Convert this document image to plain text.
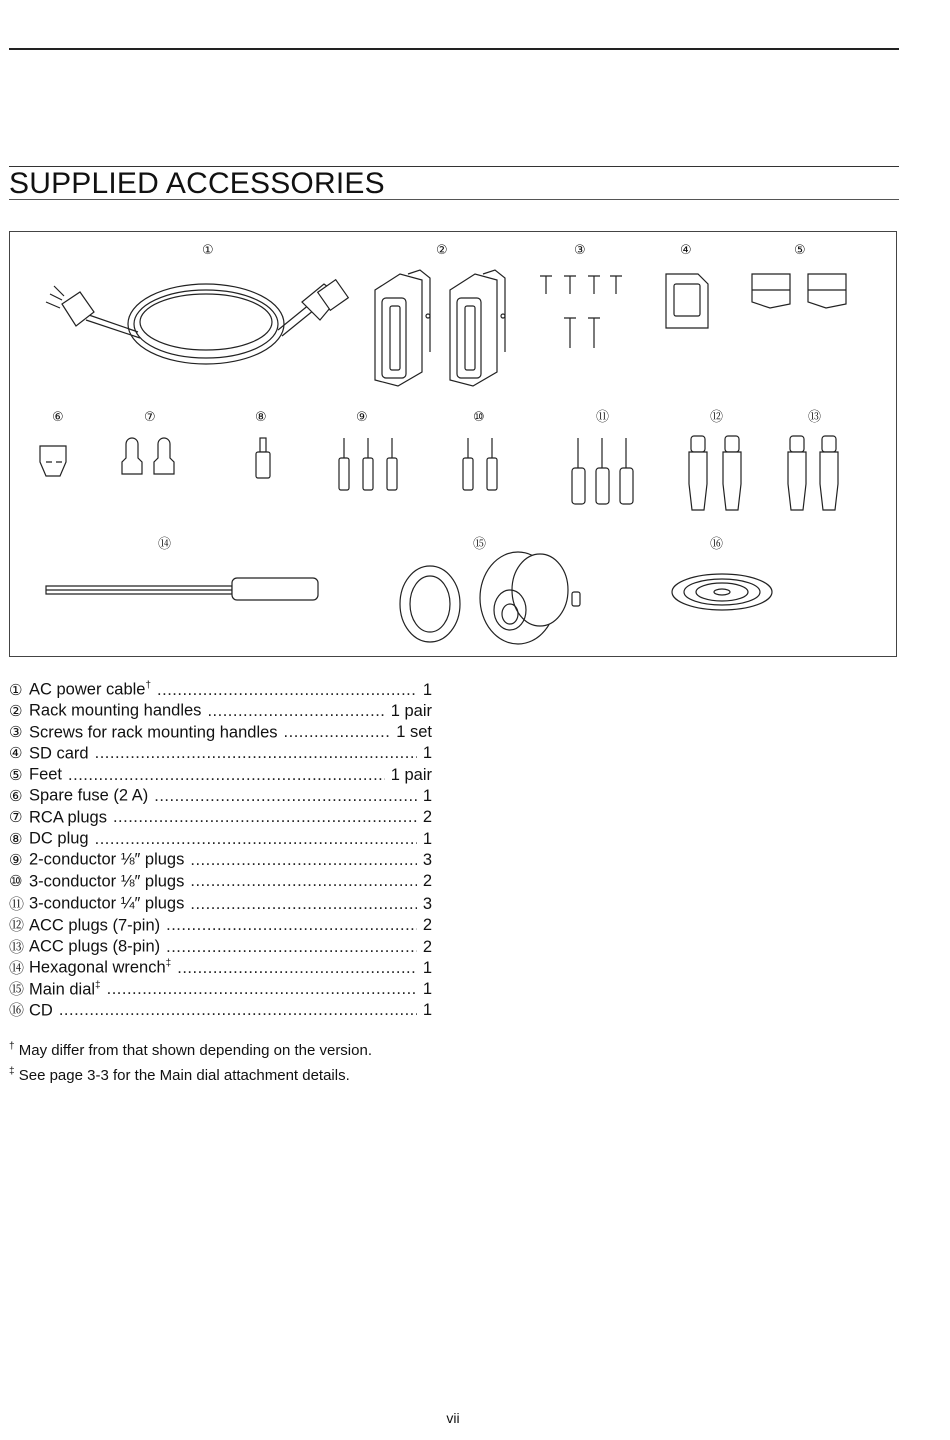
SUPPLIED ACCESSORIES
①	②	③	④	⑤
⑥	⑦	⑧	⑨	⑩	⑪	⑫	⑬
⑭	⑮	⑯
① AC power cable† .....	1
② Rack mounting handles .....	1 pair
③ Screws for rack mounting handles .....	1 set
④ SD card .....	1
⑤ Feet .....	1 pair
⑥ Spare fuse (2 A) .....	1
⑦ RCA plugs .....	2
⑧ DC plug .....	1
⑨ 2-conductor ⅛″ plugs .....	3
⑩ 3-conductor ⅛″ plugs .....	2
⑪ 3-conductor ¼″ plugs .....	3
⑫ ACC plugs (7-pin) .....	2
⑬ ACC plugs (8-pin) .....	2
⑭ Hexagonal wrench‡ .....	1
⑮ Main dial‡ .....	1
⑯ CD .....	1
† May differ from that shown depending on the version.
‡ See page 3-3 for the Main dial attachment details.
vii
